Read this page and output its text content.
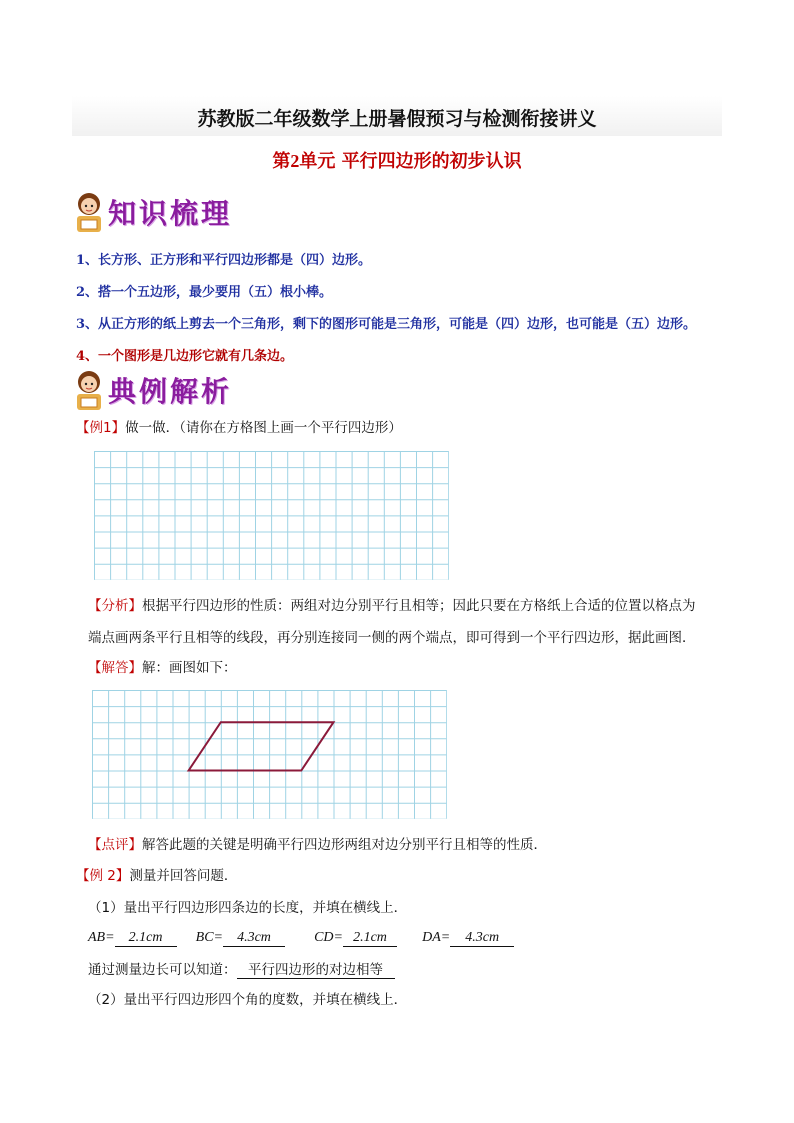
苏教版二年级数学上册暑假预习与检测衔接讲义
第2单元 平行四边形的初步认识
知识梳理
1、长方形、正方形和平行四边形都是（四）边形。
2、搭一个五边形，最少要用（五）根小棒。
3、从正方形的纸上剪去一个三角形，剩下的图形可能是三角形，可能是（四）边形，也可能是（五）边形。
4、一个图形是几边形它就有几条边。
典例解析
【例1】做一做．（请你在方格图上画一个平行四边形）
【分析】根据平行四边形的性质：两组对边分别平行且相等；因此只要在方格纸上合适的位置以格点为
端点画两条平行且相等的线段，再分别连接同一侧的两个端点，即可得到一个平行四边形，据此画图．
【解答】解：画图如下：
【点评】解答此题的关键是明确平行四边形两组对边分别平行且相等的性质．
【例 2】测量并回答问题．
（1）量出平行四边形四条边的长度，并填在横线上．
AB= 2.1cm BC= 4.3cm	CD= 2.1cm	DA= 4.3cm
通过测量边长可以知道： 平行四边形的对边相等
（2）量出平行四边形四个角的度数，并填在横线上．
